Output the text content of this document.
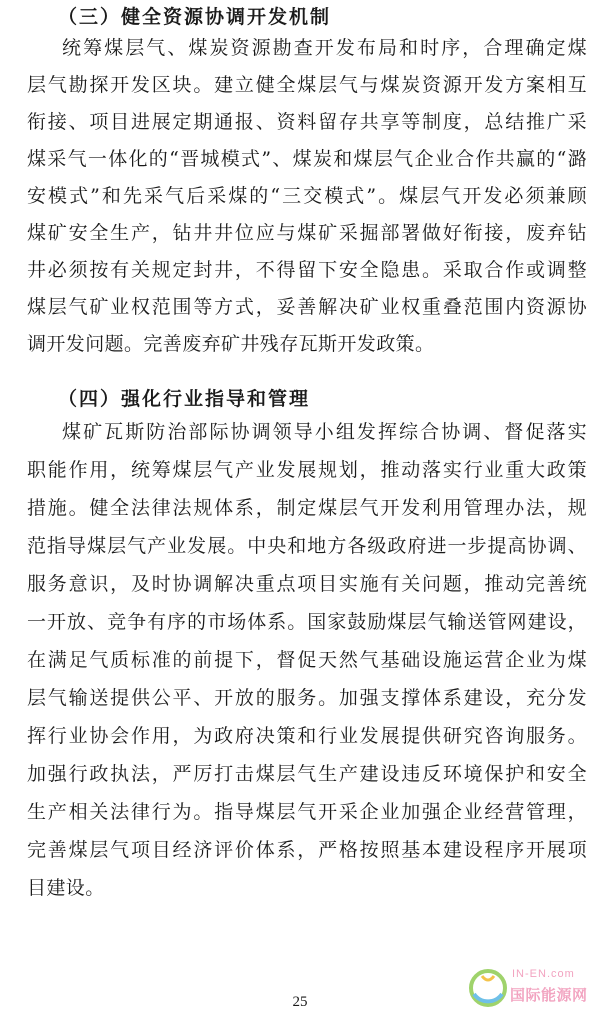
（三）健全资源协调开发机制
统筹煤层气、煤炭资源勘查开发布局和时序，合理确定煤
层气勘探开发区块。建立健全煤层气与煤炭资源开发方案相互
衔接、项目进展定期通报、资料留存共享等制度，总结推广采
煤采气一体化的“晋城模式”、煤炭和煤层气企业合作共赢的“潞
安模式”和先采气后采煤的“三交模式”。煤层气开发必须兼顾
煤矿安全生产，钻井井位应与煤矿采掘部署做好衔接，废弃钻
井必须按有关规定封井，不得留下安全隐患。采取合作或调整
煤层气矿业权范围等方式，妥善解决矿业权重叠范围内资源协
调开发问题。完善废弃矿井残存瓦斯开发政策。
（四）强化行业指导和管理
煤矿瓦斯防治部际协调领导小组发挥综合协调、督促落实
职能作用，统筹煤层气产业发展规划，推动落实行业重大政策
措施。健全法律法规体系，制定煤层气开发利用管理办法，规
范指导煤层气产业发展。中央和地方各级政府进一步提高协调、
服务意识，及时协调解决重点项目实施有关问题，推动完善统
一开放、竞争有序的市场体系。国家鼓励煤层气输送管网建设，
在满足气质标准的前提下，督促天然气基础设施运营企业为煤
层气输送提供公平、开放的服务。加强支撑体系建设，充分发
挥行业协会作用，为政府决策和行业发展提供研究咨询服务。
加强行政执法，严厉打击煤层气生产建设违反环境保护和安全
生产相关法律行为。指导煤层气开采企业加强企业经营管理，
完善煤层气项目经济评价体系，严格按照基本建设程序开展项
目建设。
25
IN-EN.com
国际能源网
